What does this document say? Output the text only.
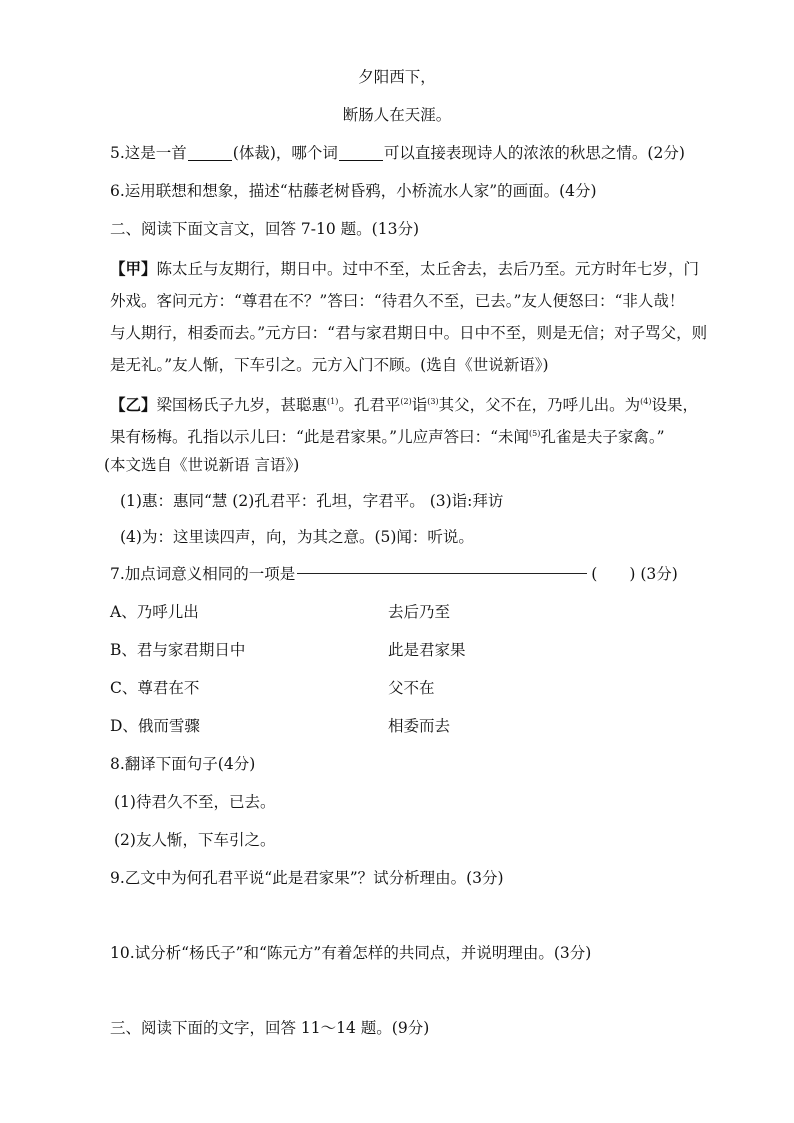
夕阳西下，
断肠人在天涯。
5.这是一首	(体裁)，哪个词	可以直接表现诗人的浓浓的秋思之情。(2分)
6.运用联想和想象，描述“枯藤老树昏鸦，小桥流水人家”的画面。(4分)
二、阅读下面文言文，回答 7-10 题。(13分)
【甲】陈太丘与友期行，期日中。过中不至，太丘舍去，去后乃至。元方时年七岁，门
外戏。客问元方：“尊君在不？”答曰：“待君久不至，已去。”友人便怒曰：“非人哉！
与人期行，相委而去。”元方曰：“君与家君期日中。日中不至，则是无信；对子骂父，则
是无礼。”友人惭，下车引之。元方入门不顾。(选自《世说新语》)
【乙】梁国杨氏子九岁，甚聪惠$^{(1)}$。孔君平$^{(2)}$诣$^{(3)}$其父，父不在，乃呼儿出。为$^{(4)}$设果，
果有杨梅。孔指以示儿曰：“此是君家果。”儿应声答曰：“未闻$^{(5)}$孔雀是夫子家禽。”
(本文选自《世说新语 言语》)
(1)惠：惠同“慧 (2)孔君平：孔坦，字君平。 (3)诣:拜访
(4)为：这里读四声，向，为其之意。(5)闻：听说。
7.加点词意义相同的一项是	( ) (3分)
A、乃呼儿出	去后乃至
B、君与家君期日中	此是君家果
C、尊君在不	父不在
D、俄而雪骤	相委而去
8.翻译下面句子(4分)
(1)待君久不至，已去。
(2)友人惭，下车引之。
9.乙文中为何孔君平说“此是君家果”？试分析理由。(3分)
10.试分析“杨氏子”和“陈元方”有着怎样的共同点，并说明理由。(3分)
三、阅读下面的文字，回答 11～14 题。(9分)
